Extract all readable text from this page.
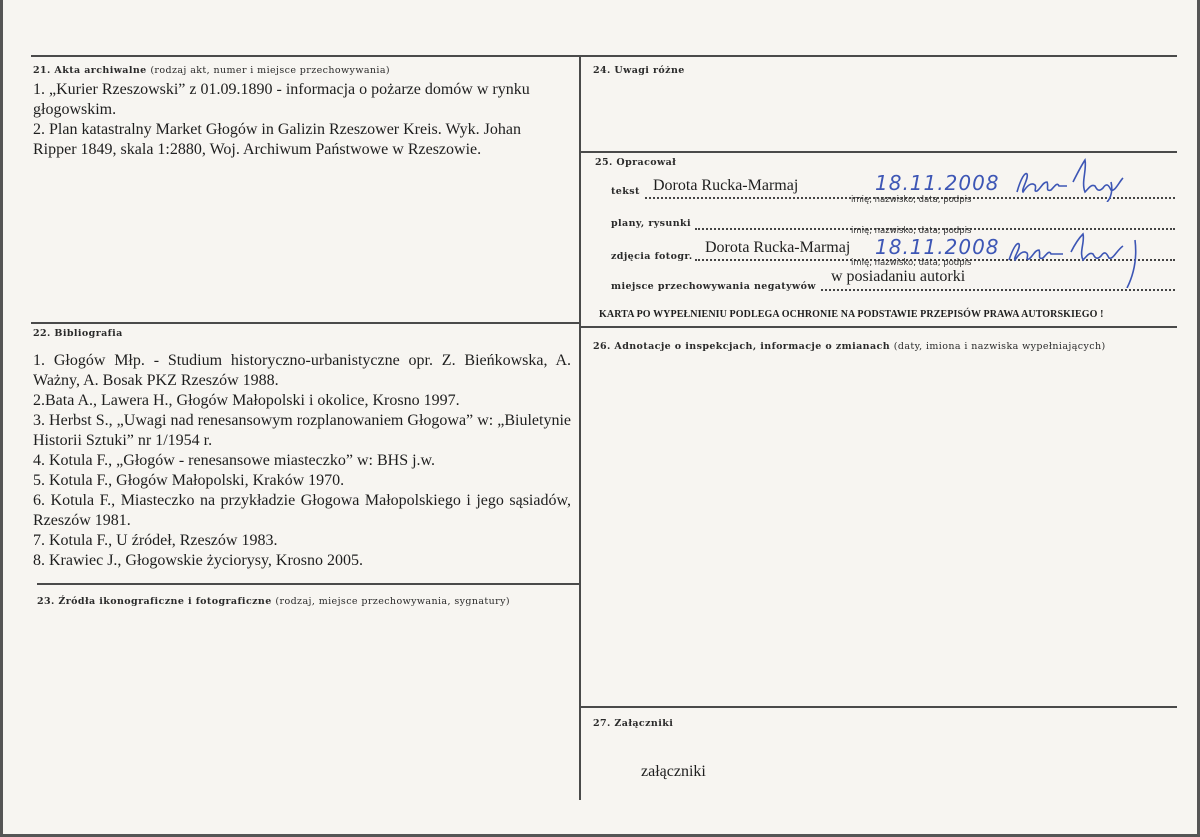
21. Akta archiwalne (rodzaj akt, numer i miejsce przechowywania)

1. „Kurier Rzeszowski” z 01.09.1890 - informacja o pożarze domów w rynku głogowskim.

2. Plan katastralny Market Głogów in Galizin Rzeszower Kreis. Wyk. Johan Ripper 1849, skala 1:2880, Woj. Archiwum Państwowe w Rzeszowie.

22. Bibliografia

1. Głogów Młp. - Studium historyczno-urbanistyczne opr. Z. Bieńkowska, A. Ważny, A. Bosak PKZ Rzeszów 1988.

2.Bata A., Lawera H., Głogów Małopolski i okolice, Krosno 1997.

3. Herbst S., „Uwagi nad renesansowym rozplanowaniem Głogowa” w: „Biuletynie Historii Sztuki” nr 1/1954 r.

4. Kotula F., „Głogów - renesansowe miasteczko” w: BHS j.w.

5. Kotula F., Głogów Małopolski, Kraków 1970.

6. Kotula F., Miasteczko na przykładzie Głogowa Małopolskiego i jego sąsiadów, Rzeszów 1981.

7. Kotula F., U źródeł, Rzeszów 1983.

8. Krawiec J., Głogowskie życiorysy, Krosno 2005.

23. Źródła ikonograficzne i fotograficzne (rodzaj, miejsce przechowywania, sygnatury)
24. Uwagi różne
25. Opracował
tekst Dorota Rucka-Marmaj	18.11.2008
imię, nazwisko, data, podpis
plany, rysunki
imię, nazwisko, data, podpis
zdjęcia fotogr.
Dorota Rucka-Marmaj 18.11.2008
imię, nazwisko, data, podpis
miejsce przechowywania negatywów
w posiadaniu autorki
KARTA PO WYPEŁNIENIU PODLEGA OCHRONIE NA PODSTAWIE PRZEPISÓW PRAWA AUTORSKIEGO !
26. Adnotacje o inspekcjach, informacje o zmianach (daty, imiona i nazwiska wypełniających)
27. Załączniki
załączniki
